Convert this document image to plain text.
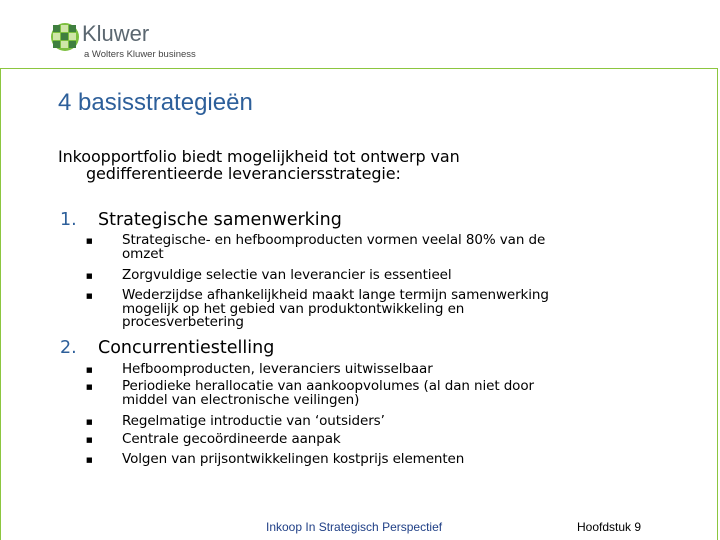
Kluwer
a Wolters Kluwer business
4 basisstrategieën
Inkoopportfolio biedt mogelijkheid tot ontwerp van
gedifferentieerde leveranciersstrategie:
1. Strategische samenwerking
■ Strategische- en hefboomproducten vormen veelal 80% van de
omzet
■ Zorgvuldige selectie van leverancier is essentieel
■ Wederzijdse afhankelijkheid maakt lange termijn samenwerking
mogelijk op het gebied van produktontwikkeling en
procesverbetering
2. Concurrentiestelling
■ Hefboomproducten, leveranciers uitwisselbaar
■ Periodieke herallocatie van aankoopvolumes (al dan niet door
middel van electronische veilingen)
■ Regelmatige introductie van ‘outsiders’
■ Centrale gecoördineerde aanpak
■ Volgen van prijsontwikkelingen kostprijs elementen
Inkoop In Strategisch Perspectief	Hoofdstuk 9
